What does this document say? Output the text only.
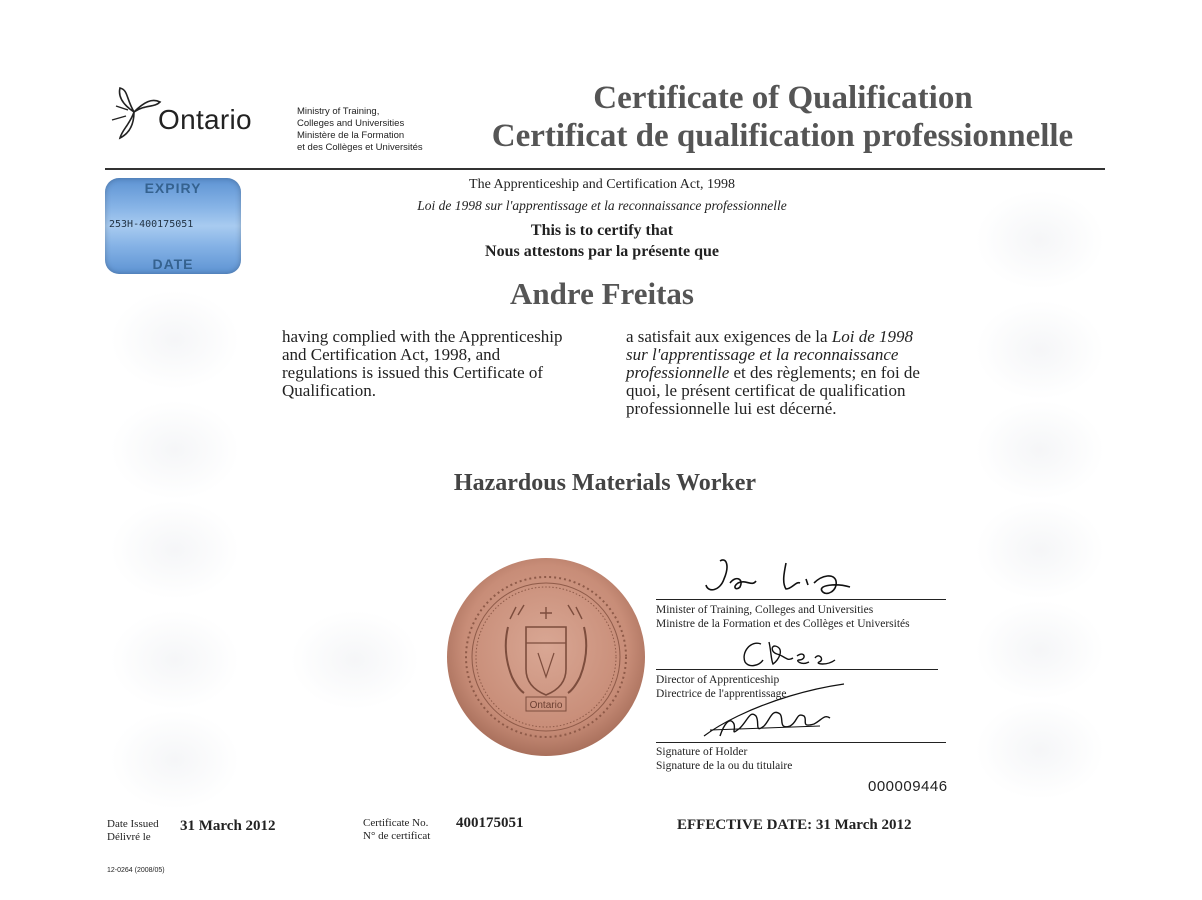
Ontario	Ministry of Training,
Colleges and Universities
Ministère de la Formation
et des Collèges et Universités
Certificate of Qualification
Certificat de qualification professionnelle
EXPIRY
253H-400175051
DATE
The Apprenticeship and Certification Act, 1998
Loi de 1998 sur l'apprentissage et la reconnaissance professionnelle
This is to certify that
Nous attestons par la présente que
Andre Freitas
having complied with the Apprenticeship and Certification Act, 1998, and regulations is issued this Certificate of Qualification.
a satisfait aux exigences de la Loi de 1998 sur l'apprentissage et la reconnaissance professionnelle et des règlements; en foi de quoi, le présent certificat de qualification professionnelle lui est décerné.
Hazardous Materials Worker
Ontario
Minister of Training, Colleges and Universities
Ministre de la Formation et des Collèges et Universités
Director of Apprenticeship
Directrice de l'apprentissage
Signature of Holder
Signature de la ou du titulaire
000009446
Date Issued
Délivré le
31 March 2012	Certificate No.
N° de certificat
400175051	EFFECTIVE DATE: 31 March 2012
12-0264 (2008/05)
